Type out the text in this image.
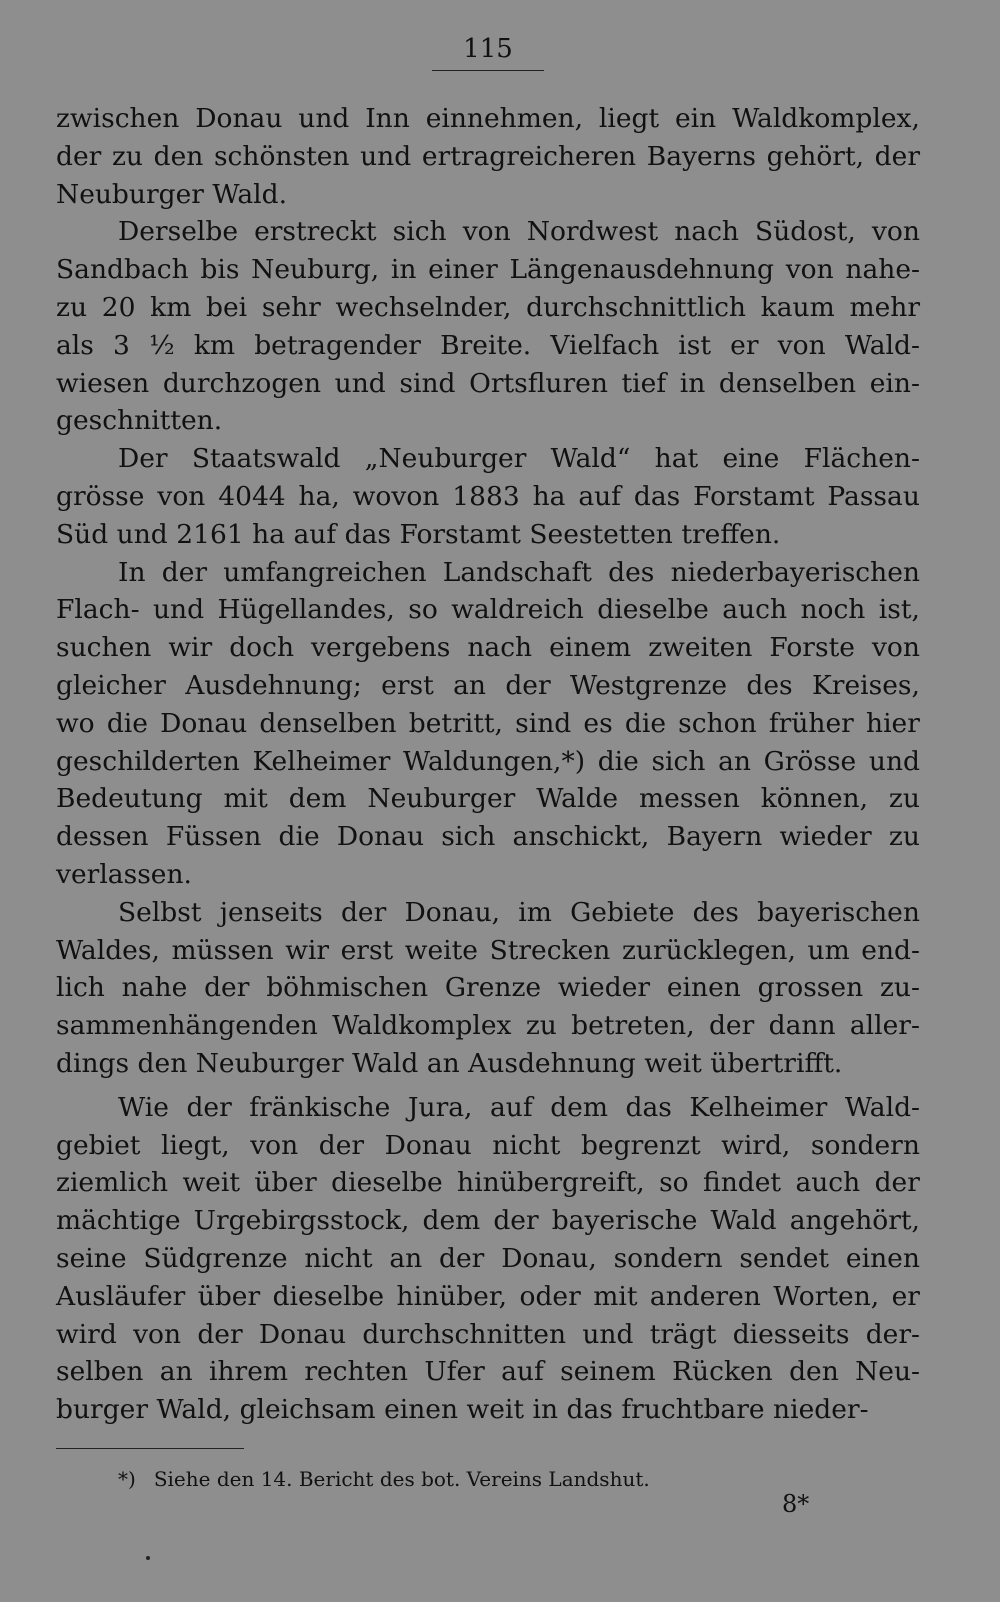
115
zwischen Donau und Inn einnehmen, liegt ein Waldkomplex,
der zu den schönsten und ertragreicheren Bayerns gehört, der
Neuburger Wald.
Derselbe erstreckt sich von Nordwest nach Südost, von
Sandbach bis Neuburg, in einer Längenausdehnung von nahe-
zu 20 km bei sehr wechselnder, durchschnittlich kaum mehr
als 3 ½ km betragender Breite. Vielfach ist er von Wald-
wiesen durchzogen und sind Ortsfluren tief in denselben ein-
geschnitten.
Der Staatswald „Neuburger Wald“ hat eine Flächen-
grösse von 4044 ha, wovon 1883 ha auf das Forstamt Passau
Süd und 2161 ha auf das Forstamt Seestetten treffen.
In der umfangreichen Landschaft des niederbayerischen
Flach- und Hügellandes, so waldreich dieselbe auch noch ist,
suchen wir doch vergebens nach einem zweiten Forste von
gleicher Ausdehnung; erst an der Westgrenze des Kreises,
wo die Donau denselben betritt, sind es die schon früher hier
geschilderten Kelheimer Waldungen,*) die sich an Grösse und
Bedeutung mit dem Neuburger Walde messen können, zu
dessen Füssen die Donau sich anschickt, Bayern wieder zu
verlassen.
Selbst jenseits der Donau, im Gebiete des bayerischen
Waldes, müssen wir erst weite Strecken zurücklegen, um end-
lich nahe der böhmischen Grenze wieder einen grossen zu-
sammenhängenden Waldkomplex zu betreten, der dann aller-
dings den Neuburger Wald an Ausdehnung weit übertrifft.
Wie der fränkische Jura, auf dem das Kelheimer Wald-
gebiet liegt, von der Donau nicht begrenzt wird, sondern
ziemlich weit über dieselbe hinübergreift, so findet auch der
mächtige Urgebirgsstock, dem der bayerische Wald angehört,
seine Südgrenze nicht an der Donau, sondern sendet einen
Ausläufer über dieselbe hinüber, oder mit anderen Worten, er
wird von der Donau durchschnitten und trägt diesseits der-
selben an ihrem rechten Ufer auf seinem Rücken den Neu-
burger Wald, gleichsam einen weit in das fruchtbare nieder-
*) Siehe den 14. Bericht des bot. Vereins Landshut.
8*
